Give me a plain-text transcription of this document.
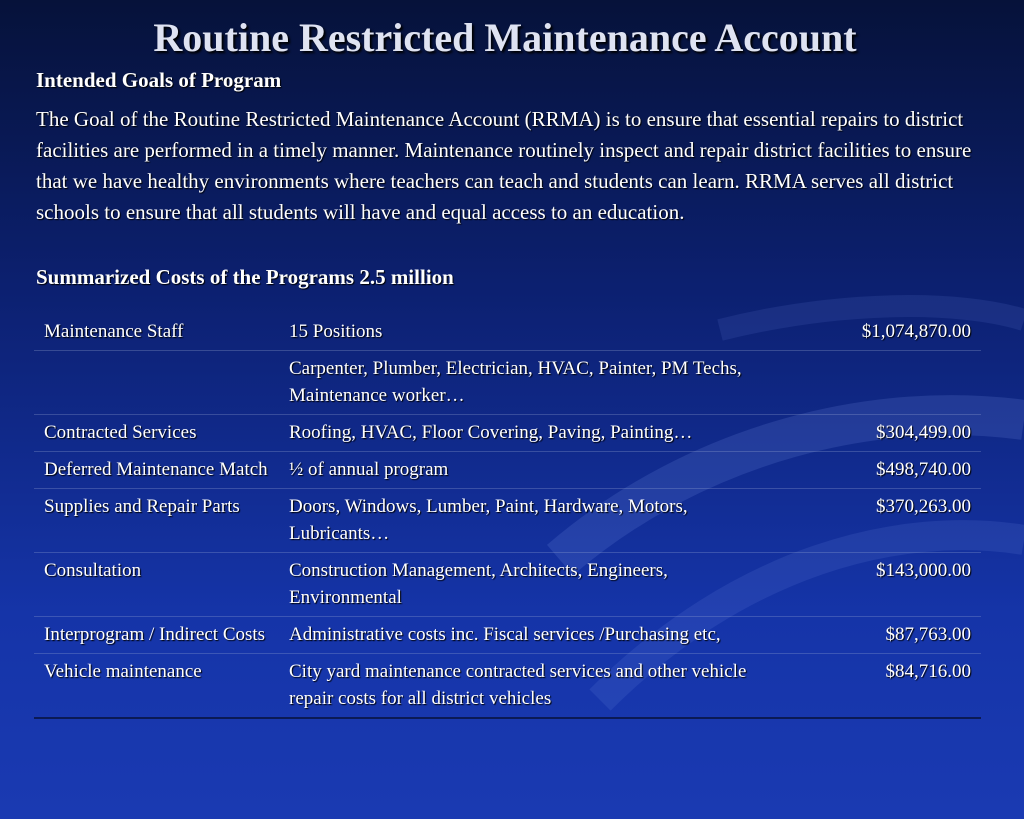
Routine Restricted Maintenance Account

Intended Goals of Program

The Goal of the Routine Restricted Maintenance Account (RRMA) is to ensure that essential repairs to district facilities are performed in a timely manner. Maintenance routinely inspect and repair district facilities to ensure that we have healthy environments where teachers can teach and students can learn. RRMA serves all district schools to ensure that all students will have and equal access to an education.

Summarized Costs of the Programs 2.5 million

Maintenance Staff	15 Positions	$1,074,870.00
	Carpenter, Plumber, Electrician, HVAC, Painter, PM Techs, Maintenance worker…	
Contracted Services	Roofing, HVAC, Floor Covering, Paving, Painting…	$304,499.00
Deferred Maintenance Match	½ of annual program	$498,740.00
Supplies and Repair Parts	Doors, Windows, Lumber, Paint, Hardware, Motors, Lubricants…	$370,263.00
Consultation	Construction Management, Architects, Engineers, Environmental	$143,000.00
Interprogram / Indirect Costs	Administrative costs inc. Fiscal services /Purchasing etc,	$87,763.00
Vehicle maintenance	City yard maintenance contracted services and other vehicle repair costs for all district vehicles	$84,716.00
